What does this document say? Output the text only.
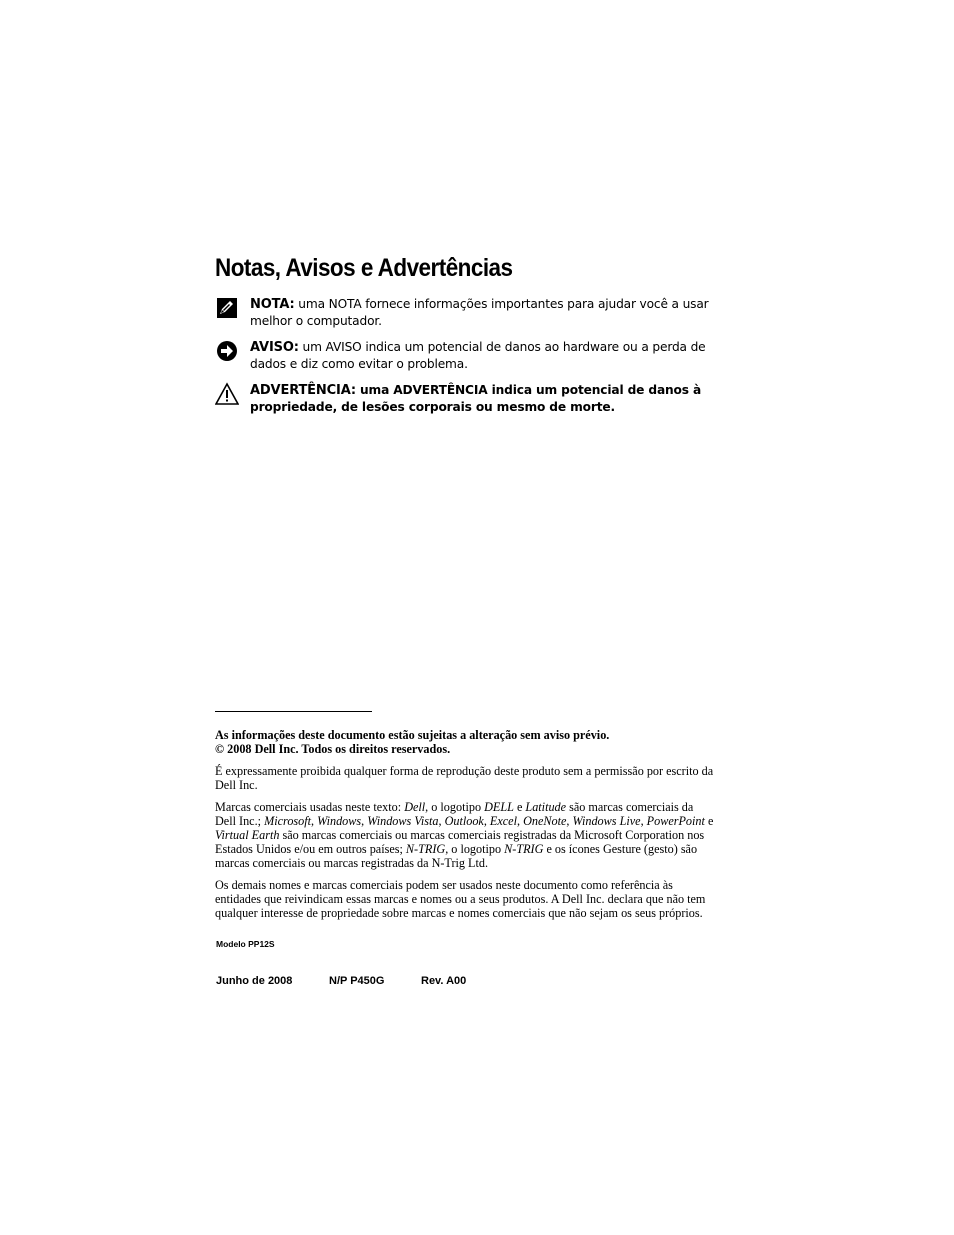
Notas, Avisos e Advertências
NOTA: uma NOTA fornece informações importantes para ajudar você a usar melhor o computador.
AVISO: um AVISO indica um potencial de danos ao hardware ou a perda de dados e diz como evitar o problema.
ADVERTÊNCIA: uma ADVERTÊNCIA indica um potencial de danos à propriedade, de lesões corporais ou mesmo de morte.

As informações deste documento estão sujeitas a alteração sem aviso prévio.
© 2008 Dell Inc. Todos os direitos reservados.

É expressamente proibida qualquer forma de reprodução deste produto sem a permissão por escrito da Dell Inc.

Marcas comerciais usadas neste texto: Dell, o logotipo DELL e Latitude são marcas comerciais da Dell Inc.; Microsoft, Windows, Windows Vista, Outlook, Excel, OneNote, Windows Live, PowerPoint e Virtual Earth são marcas comerciais ou marcas comerciais registradas da Microsoft Corporation nos Estados Unidos e/ou em outros países; N-TRIG, o logotipo N-TRIG e os ícones Gesture (gesto) são marcas comerciais ou marcas registradas da N-Trig Ltd.

Os demais nomes e marcas comerciais podem ser usados neste documento como referência às entidades que reivindicam essas marcas e nomes ou a seus produtos. A Dell Inc. declara que não tem qualquer interesse de propriedade sobre marcas e nomes comerciais que não sejam os seus próprios.

Modelo PP12S
Junho de 2008	N/P P450G	Rev. A00
